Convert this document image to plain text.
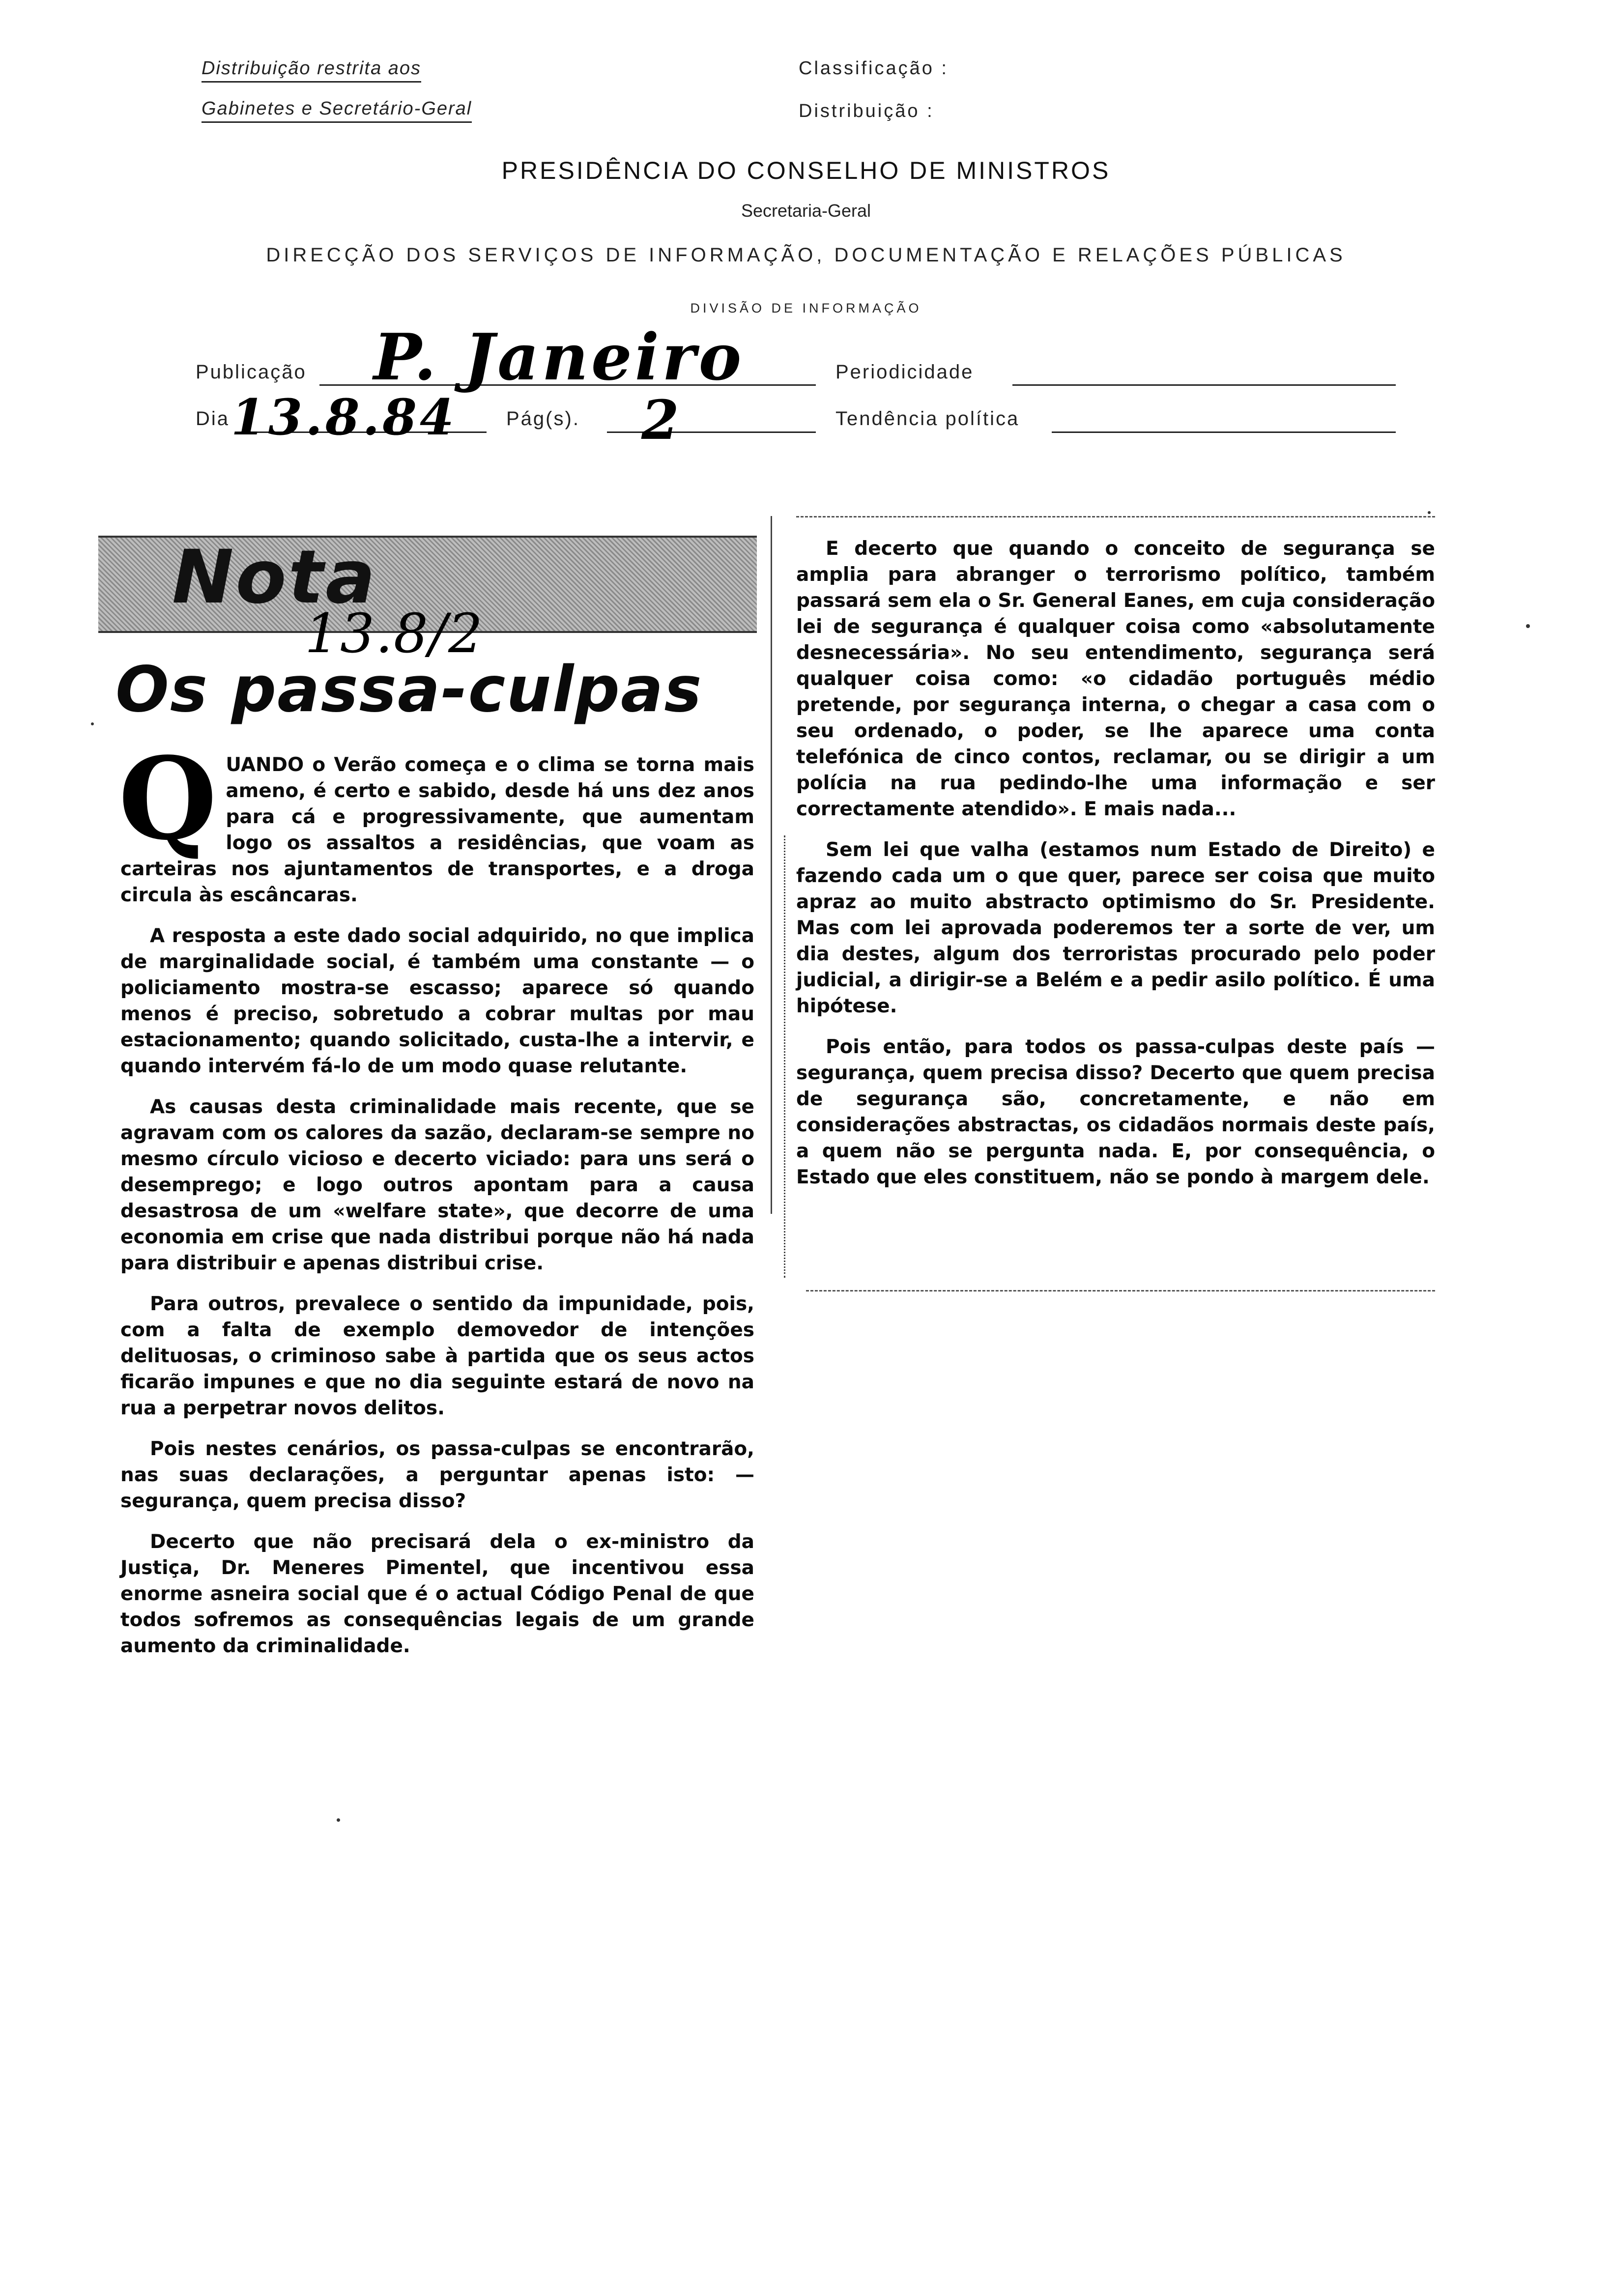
Distribuição restrita aos
Gabinetes e Secretário-Geral
Classificação :
Distribuição :
PRESIDÊNCIA DO CONSELHO DE MINISTROS
Secretaria-Geral
DIRECÇÃO DOS SERVIÇOS DE INFORMAÇÃO, DOCUMENTAÇÃO E RELAÇÕES PÚBLICAS
DIVISÃO DE INFORMAÇÃO
Publicação P. Janeiro	Periodicidade
Dia 13.8.84	Pág(s). 2	Tendência política
Nota
13.8/2
Os passa-culpas

QUANDO o Verão começa e o clima se torna mais ameno, é certo e sabido, desde há uns dez anos para cá e progressivamente, que aumentam logo os assaltos a residências, que voam as carteiras nos ajuntamentos de transportes, e a droga circula às escâncaras.

A resposta a este dado social adquirido, no que implica de marginalidade social, é também uma constante — o policiamento mostra-se escasso; aparece só quando menos é preciso, sobretudo a cobrar multas por mau estacionamento; quando solicitado, custa-lhe a intervir, e quando intervém fá-lo de um modo quase relutante.

As causas desta criminalidade mais recente, que se agravam com os calores da sazão, declaram-se sempre no mesmo círculo vicioso e decerto viciado: para uns será o desemprego; e logo outros apontam para a causa desastrosa de um «welfare state», que decorre de uma economia em crise que nada distribui porque não há nada para distribuir e apenas distribui crise.

Para outros, prevalece o sentido da impunidade, pois, com a falta de exemplo demovedor de intenções delituosas, o criminoso sabe à partida que os seus actos ficarão impunes e que no dia seguinte estará de novo na rua a perpetrar novos delitos.

Pois nestes cenários, os passa-culpas se encontrarão, nas suas declarações, a perguntar apenas isto: — segurança, quem precisa disso?

Decerto que não precisará dela o ex-ministro da Justiça, Dr. Meneres Pimentel, que incentivou essa enorme asneira social que é o actual Código Penal de que todos sofremos as consequências legais de um grande aumento da criminalidade.

E decerto que quando o conceito de segurança se amplia para abranger o terrorismo político, também passará sem ela o Sr. General Eanes, em cuja consideração lei de segurança é qualquer coisa como «absolutamente desnecessária». No seu entendimento, segurança será qualquer coisa como: «o cidadão português médio pretende, por segurança interna, o chegar a casa com o seu ordenado, o poder, se lhe aparece uma conta telefónica de cinco contos, reclamar, ou se dirigir a um polícia na rua pedindo-lhe uma informação e ser correctamente atendido». E mais nada...

Sem lei que valha (estamos num Estado de Direito) e fazendo cada um o que quer, parece ser coisa que muito apraz ao muito abstracto optimismo do Sr. Presidente. Mas com lei aprovada poderemos ter a sorte de ver, um dia destes, algum dos terroristas procurado pelo poder judicial, a dirigir-se a Belém e a pedir asilo político. É uma hipótese.

Pois então, para todos os passa-culpas deste país — segurança, quem precisa disso? Decerto que quem precisa de segurança são, concretamente, e não em considerações abstractas, os cidadãos normais deste país, a quem não se pergunta nada. E, por consequência, o Estado que eles constituem, não se pondo à margem dele.
